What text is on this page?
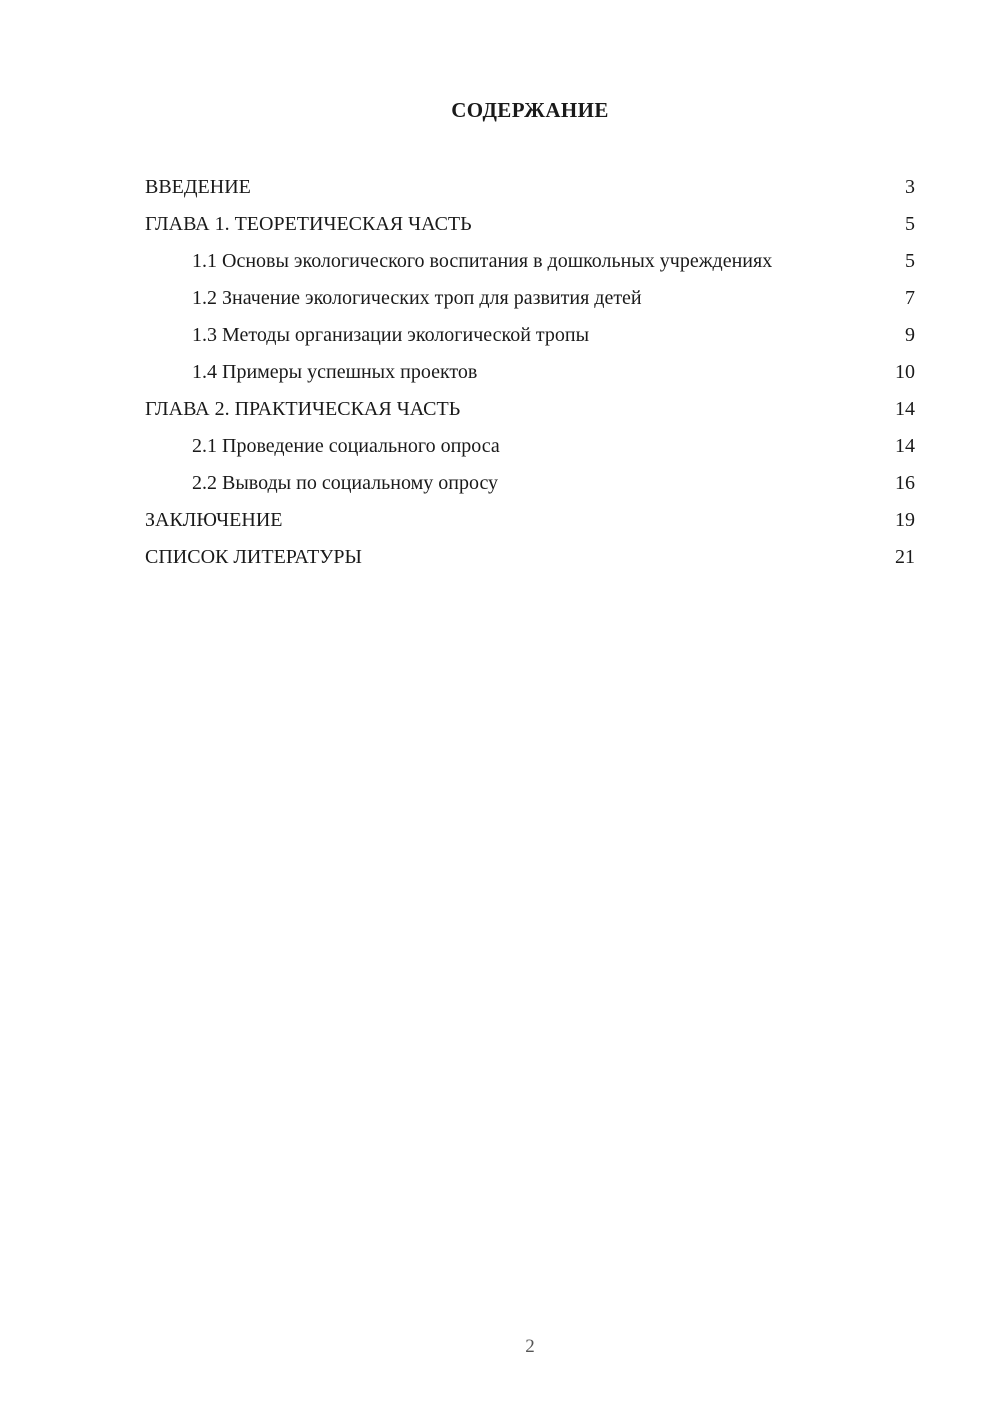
СОДЕРЖАНИЕ
ВВЕДЕНИЕ	3
ГЛАВА 1. ТЕОРЕТИЧЕСКАЯ ЧАСТЬ	5
1.1 Основы экологического воспитания в дошкольных учреждениях	5
1.2 Значение экологических троп для развития детей	7
1.3 Методы организации экологической тропы	9
1.4 Примеры успешных проектов	10
ГЛАВА 2. ПРАКТИЧЕСКАЯ ЧАСТЬ	14
2.1 Проведение социального опроса	14
2.2 Выводы по социальному опросу	16
ЗАКЛЮЧЕНИЕ	19
СПИСОК ЛИТЕРАТУРЫ	21
2
